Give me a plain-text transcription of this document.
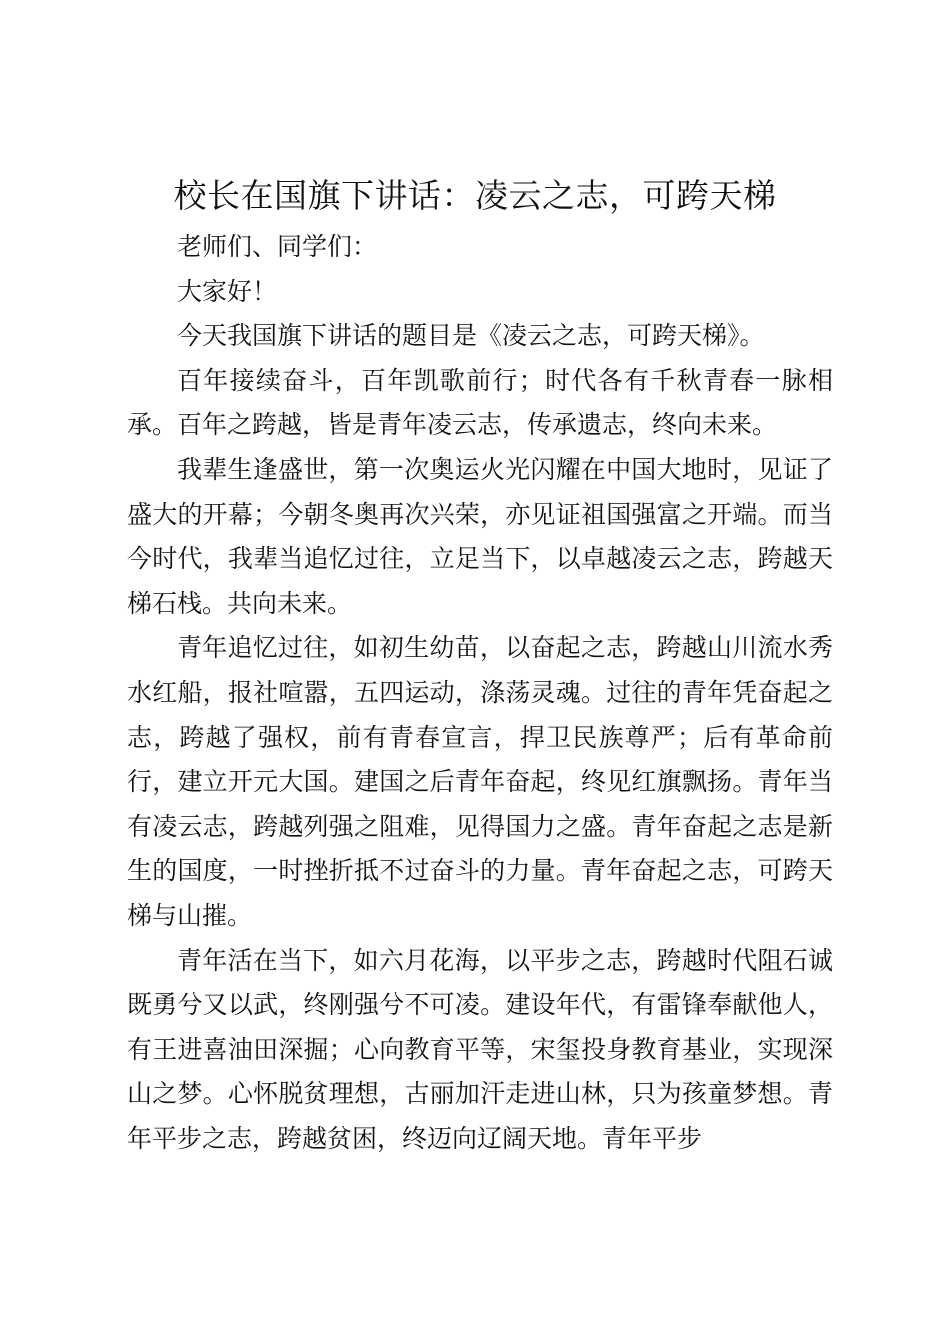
校长在国旗下讲话：凌云之志，可跨天梯

老师们、同学们：

大家好！

今天我国旗下讲话的题目是《凌云之志，可跨天梯》。

百年接续奋斗，百年凯歌前行；时代各有千秋青春一脉相承。百年之跨越，皆是青年凌云志，传承遗志，终向未来。

我辈生逢盛世，第一次奥运火光闪耀在中国大地时，见证了盛大的开幕；今朝冬奥再次兴荣，亦见证祖国强富之开端。而当今时代，我辈当追忆过往，立足当下，以卓越凌云之志，跨越天梯石栈。共向未来。

青年追忆过往，如初生幼苗，以奋起之志，跨越山川流水秀水红船，报社喧嚣，五四运动，涤荡灵魂。过往的青年凭奋起之志，跨越了强权，前有青春宣言，捍卫民族尊严；后有革命前行，建立开元大国。建国之后青年奋起，终见红旗飘扬。青年当有凌云志，跨越列强之阻难，见得国力之盛。青年奋起之志是新生的国度，一时挫折抵不过奋斗的力量。青年奋起之志，可跨天梯与山摧。

青年活在当下，如六月花海，以平步之志，跨越时代阻石诚既勇兮又以武，终刚强兮不可凌。建设年代，有雷锋奉献他人，有王进喜油田深掘；心向教育平等，宋玺投身教育基业，实现深山之梦。心怀脱贫理想，古丽加汗走进山林，只为孩童梦想。青年平步之志，跨越贫困，终迈向辽阔天地。青年平步
